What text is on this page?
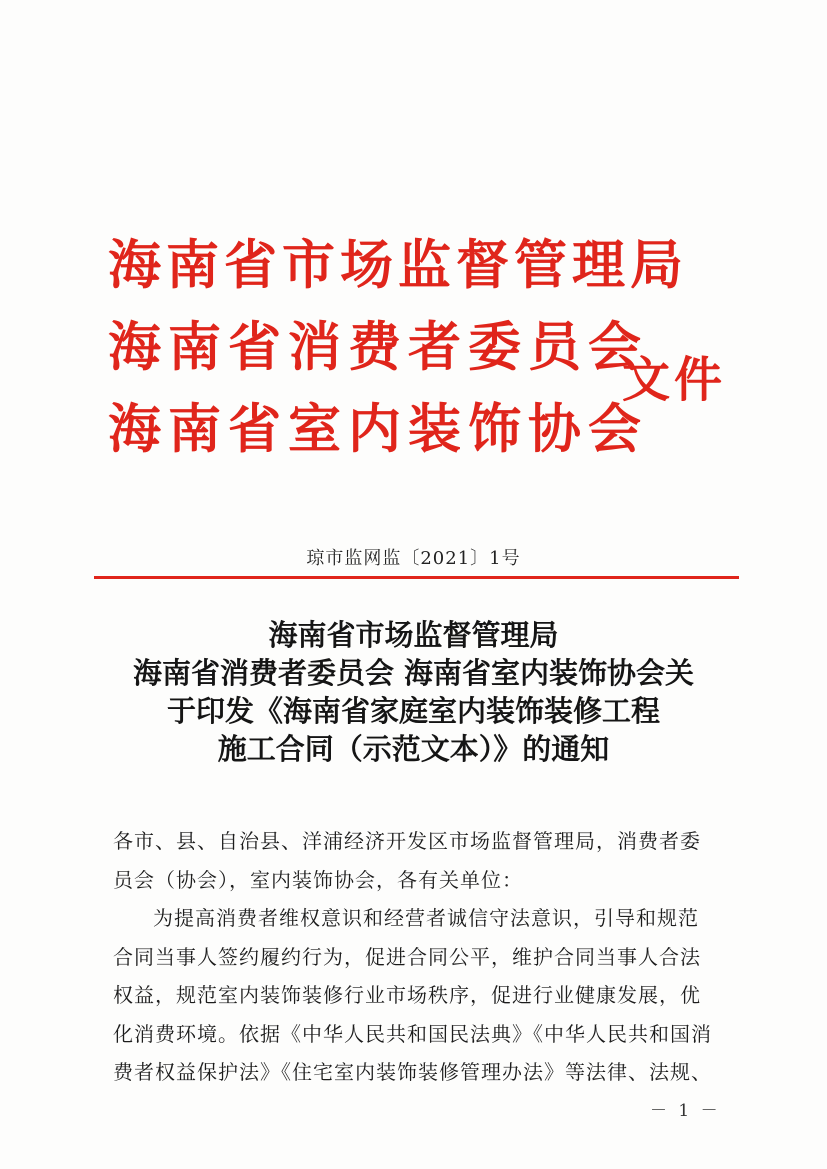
海南省市场监督管理局
海南省消费者委员会
海南省室内装饰协会
文件
琼市监网监〔2021〕1号
海南省市场监督管理局
海南省消费者委员会 海南省室内装饰协会关
于印发《海南省家庭室内装饰装修工程
施工合同（示范文本）》的通知
各市、县、自治县、洋浦经济开发区市场监督管理局，消费者委
员会（协会），室内装饰协会，各有关单位：
为提高消费者维权意识和经营者诚信守法意识，引导和规范
合同当事人签约履约行为，促进合同公平，维护合同当事人合法
权益，规范室内装饰装修行业市场秩序，促进行业健康发展，优
化消费环境。依据《中华人民共和国民法典》《中华人民共和国消
费者权益保护法》《住宅室内装饰装修管理办法》等法律、法规、
－ 1 －
